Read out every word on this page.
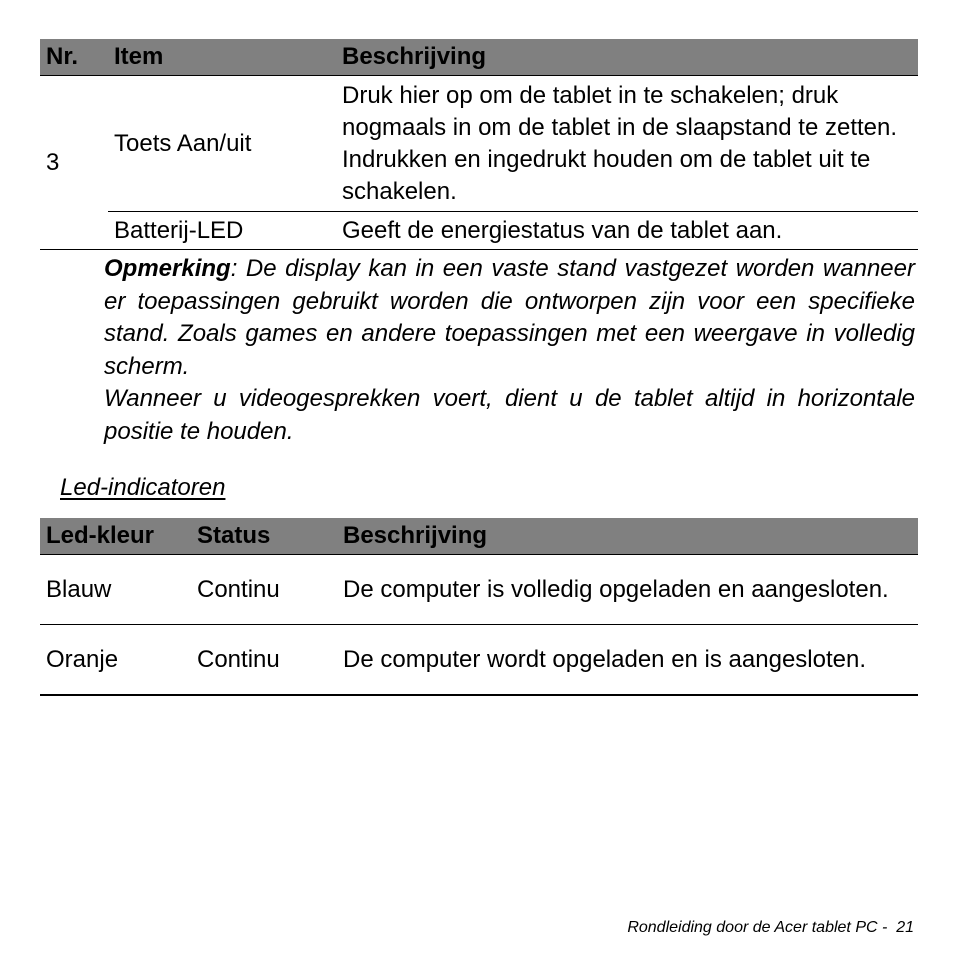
Nr.	Item	Beschrijving
3	Toets Aan/uit	Druk hier op om de tablet in te schakelen; druk nogmaals in om de tablet in de slaapstand te zetten. Indrukken en ingedrukt houden om de tablet uit te schakelen.
	Batterij-LED	Geeft de energiestatus van de tablet aan.

Opmerking: De display kan in een vaste stand vastgezet worden wanneer er toepassingen gebruikt worden die ontworpen zijn voor een specifieke stand. Zoals games en andere toepassingen met een weergave in volledig scherm.

Wanneer u videogesprekken voert, dient u de tablet altijd in horizontale positie te houden.

Led-indicatoren
Led-kleur	Status	Beschrijving
Blauw	Continu	De computer is volledig opgeladen en aangesloten.
Oranje	Continu	De computer wordt opgeladen en is aangesloten.
Rondleiding door de Acer tablet PC - 21
